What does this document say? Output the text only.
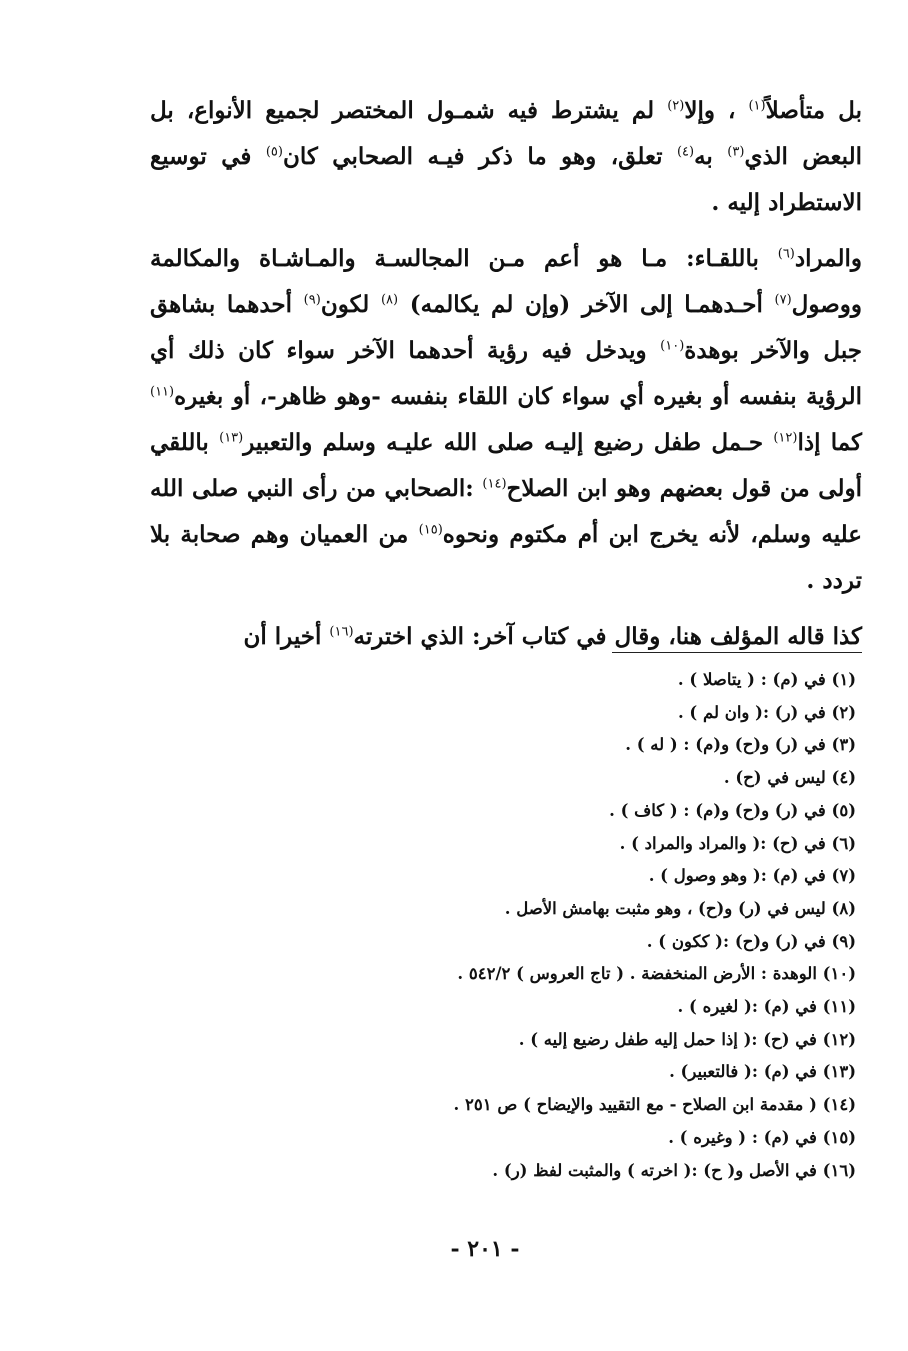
بل متأصلاً$^{(١)}$ ، وإلا$^{(٢)}$ لم يشترط فيه شمـول المختصر لجميع الأنواع، بل البعض الذي$^{(٣)}$ به$^{(٤)}$ تعلق، وهو ما ذكر فيـه الصحابي كان$^{(٥)}$ في توسيع الاستطراد إليه .

والمراد$^{(٦)}$ باللقـاء: مـا هو أعم مـن المجالسـة والمـاشـاة والمكالمة ووصول$^{(٧)}$ أحـدهمـا إلى الآخر (وإن لم يكالمه) $^{(٨)}$ لكون$^{(٩)}$ أحدهما بشاهق جبل والآخر بوهدة$^{(١٠)}$ ويدخل فيه رؤية أحدهما الآخر سواء كان ذلك أي الرؤية بنفسه أو بغيره أي سواء كان اللقاء بنفسه -وهو ظاهر-، أو بغيره$^{(١١)}$ كما إذا$^{(١٢)}$ حـمل طفل رضيع إليـه صلى الله عليـه وسلم والتعبير$^{(١٣)}$ باللقي أولى من قول بعضهم وهو ابن الصلاح$^{(١٤)}$ :الصحابي من رأى النبي صلى الله عليه وسلم، لأنه يخرج ابن أم مكتوم ونحوه$^{(١٥)}$ من العميان وهم صحابة بلا تردد .

كذا قاله المؤلف هنا، وقال في كتاب آخر: الذي اخترته$^{(١٦)}$ أخيرا أن

(١) في (م) : ( يتاصلا ) .
(٢) في (ر) :( وان لم ) .
(٣) في (ر) و(ح) و(م) : ( له ) .
(٤) ليس في (ح) .
(٥) في (ر) و(ح) و(م) : ( كاف ) .
(٦) في (ح) :( والمراد والمراد ) .
(٧) في (م) :( وهو وصول ) .
(٨) ليس في (ر) و(ح) ، وهو مثبت بهامش الأصل .
(٩) في (ر) و(ح) :( ككون ) .
(١٠) الوهدة : الأرض المنخفضة . ( تاج العروس ) ٥٤٢/٢ .
(١١) في (م) :( لغيره ) .
(١٢) في (ح) :( إذا حمل إليه طفل رضيع إليه ) .
(١٣) في (م) :( فالتعبير) .
(١٤) ( مقدمة ابن الصلاح - مع التقييد والإيضاح ) ص ٢٥١ .
(١٥) في (م) : ( وغيره ) .
(١٦) في الأصل و( ح) :( اخرته ) والمثبت لفظ (ر) .
- ٢٠١ -
